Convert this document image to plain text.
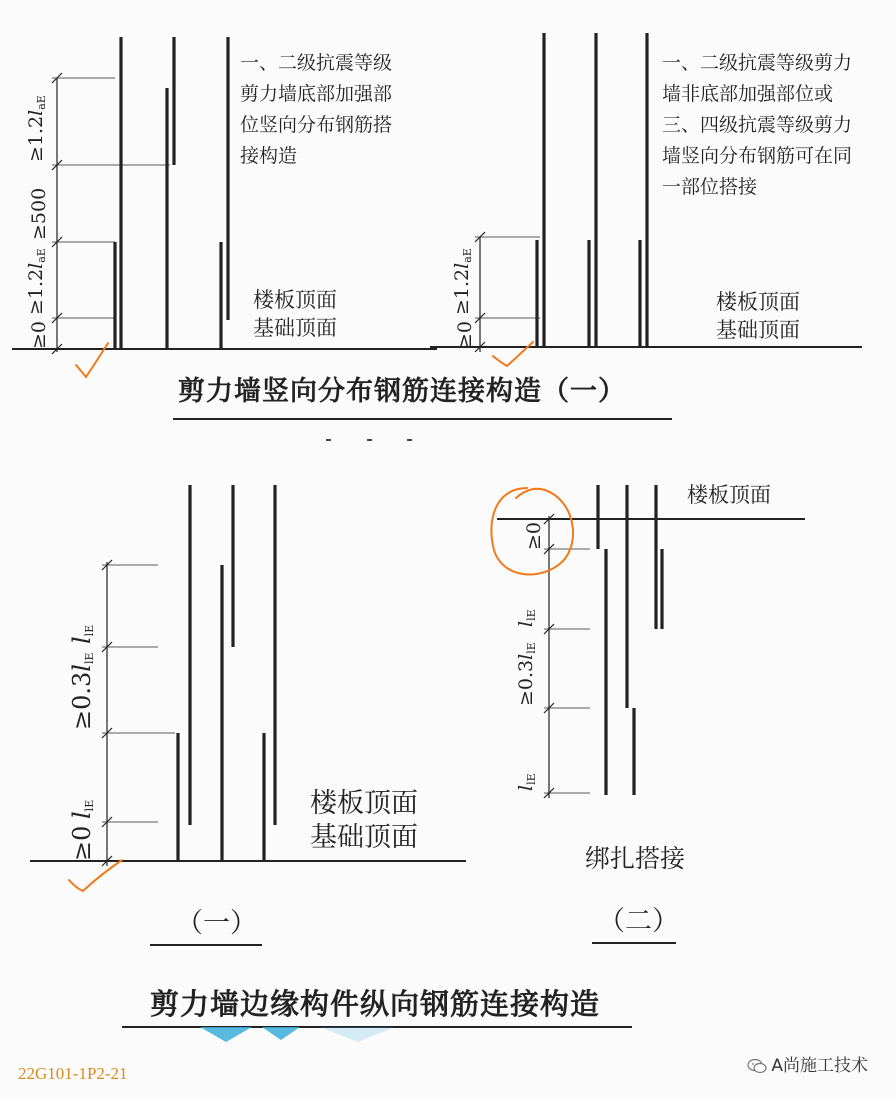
一、二级抗震等级剪力墙底部加强部位竖向分布钢筋搭接构造
一、二级抗震等级剪力墙非底部加强部位或三、四级抗震等级剪力墙竖向分布钢筋可在同一部位搭接
楼板顶面
基础顶面
楼板顶面
基础顶面
$\ge 1.2l_{aE}$
≥500
$\ge 1.2l_{aE}$
≥0
$\ge 1.2l_{aE}$
≥0
剪力墙竖向分布钢筋连接构造（一）
$l_{lE}$
$\ge 0.3l_{lE}$
$l_{lE}$
≥0
楼板顶面
基础顶面
（一）
楼板顶面
≥0
$l_{lE}$
$\ge 0.3l_{lE}$
$l_{lE}$
绑扎搭接
（二）
剪力墙边缘构件纵向钢筋连接构造
22G101-1P2-21	A尚施工技术
